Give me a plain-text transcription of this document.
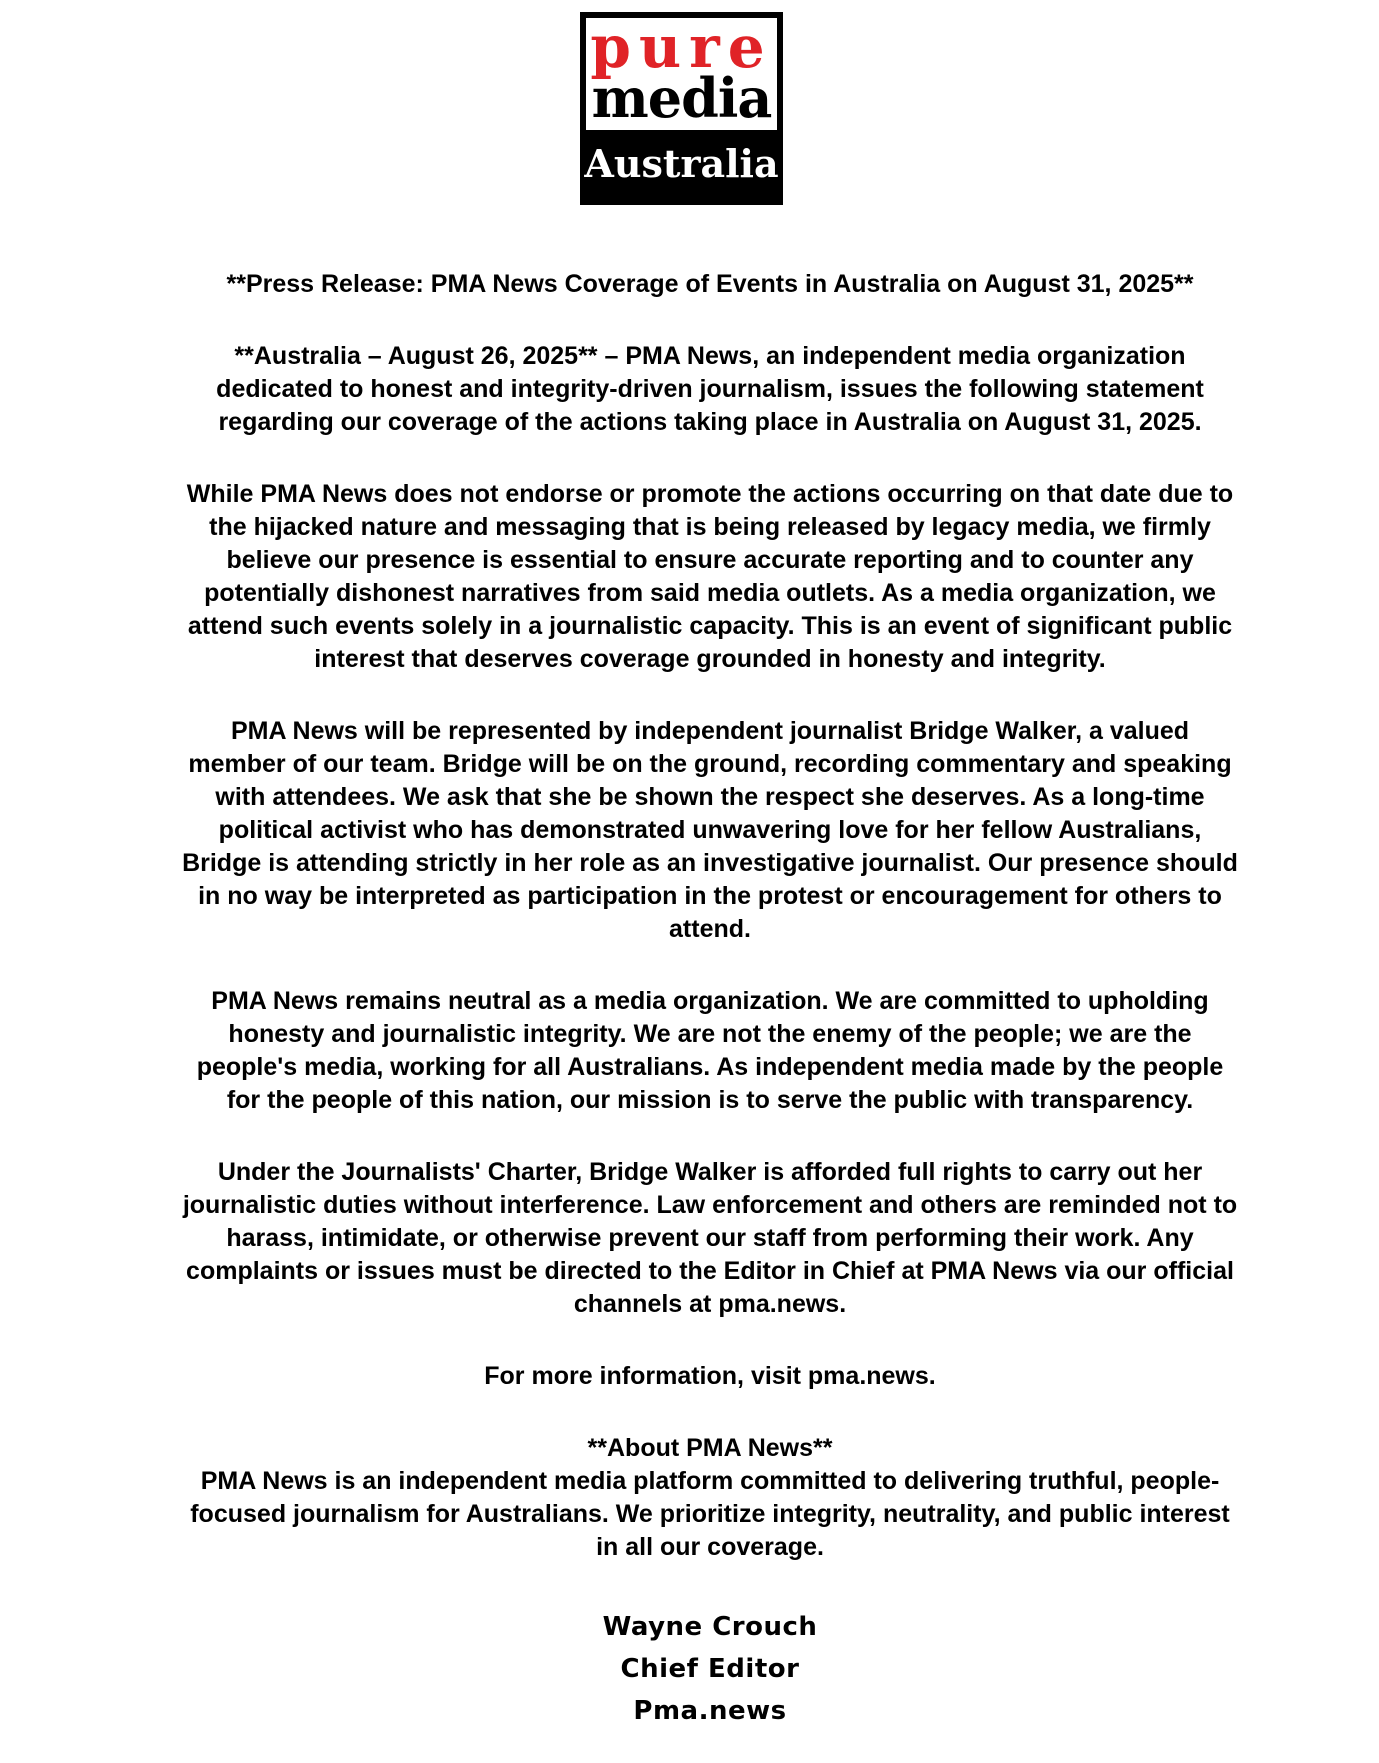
pure
media
Australia

**Press Release: PMA News Coverage of Events in Australia on August 31, 2025**

**Australia – August 26, 2025** – PMA News, an independent media organization
dedicated to honest and integrity-driven journalism, issues the following statement
regarding our coverage of the actions taking place in Australia on August 31, 2025.

While PMA News does not endorse or promote the actions occurring on that date due to
the hijacked nature and messaging that is being released by legacy media, we firmly
believe our presence is essential to ensure accurate reporting and to counter any
potentially dishonest narratives from said media outlets. As a media organization, we
attend such events solely in a journalistic capacity. This is an event of significant public
interest that deserves coverage grounded in honesty and integrity.

PMA News will be represented by independent journalist Bridge Walker, a valued
member of our team. Bridge will be on the ground, recording commentary and speaking
with attendees. We ask that she be shown the respect she deserves. As a long-time
political activist who has demonstrated unwavering love for her fellow Australians,
Bridge is attending strictly in her role as an investigative journalist. Our presence should
in no way be interpreted as participation in the protest or encouragement for others to
attend.

PMA News remains neutral as a media organization. We are committed to upholding
honesty and journalistic integrity. We are not the enemy of the people; we are the
people's media, working for all Australians. As independent media made by the people
for the people of this nation, our mission is to serve the public with transparency.

Under the Journalists' Charter, Bridge Walker is afforded full rights to carry out her
journalistic duties without interference. Law enforcement and others are reminded not to
harass, intimidate, or otherwise prevent our staff from performing their work. Any
complaints or issues must be directed to the Editor in Chief at PMA News via our official
channels at pma.news.

For more information, visit pma.news.

**About PMA News**
PMA News is an independent media platform committed to delivering truthful, people-
focused journalism for Australians. We prioritize integrity, neutrality, and public interest
in all our coverage.

Wayne Crouch
Chief Editor
Pma.news
